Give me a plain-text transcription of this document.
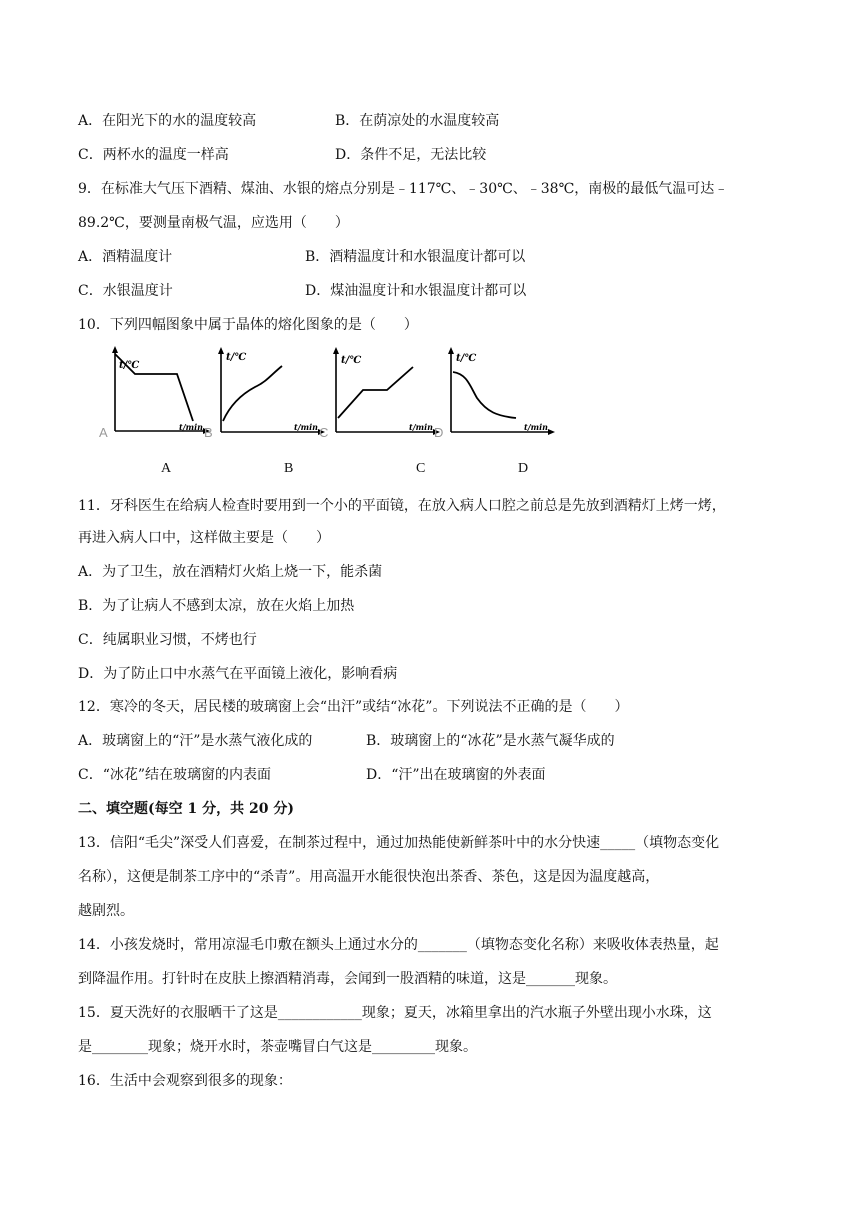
A．在阳光下的水的温度较高	B．在荫凉处的水温度较高
C．两杯水的温度一样高	D．条件不足，无法比较
9．在标准大气压下酒精、煤油、水银的熔点分别是﹣117℃、﹣30℃、﹣38℃，南极的最低气温可达﹣
89.2℃，要测量南极气温，应选用（　　）
A．酒精温度计	B．酒精温度计和水银温度计都可以
C．水银温度计	D．煤油温度计和水银温度计都可以
10．下列四幅图象中属于晶体的熔化图象的是（　　）
t/℃
t/min
A	B
t/℃
t/min C
t/℃
t/min D
t/℃
t/min
A	B	C	D
11．牙科医生在给病人检查时要用到一个小的平面镜，在放入病人口腔之前总是先放到酒精灯上烤一烤，
再进入病人口中，这样做主要是（　　）
A．为了卫生，放在酒精灯火焰上烧一下，能杀菌
B．为了让病人不感到太凉，放在火焰上加热
C．纯属职业习惯，不烤也行
D．为了防止口中水蒸气在平面镜上液化，影响看病
12．寒冷的冬天，居民楼的玻璃窗上会“出汗”或结“冰花”。下列说法不正确的是（　　）
A．玻璃窗上的“汗”是水蒸气液化成的	B．玻璃窗上的“冰花”是水蒸气凝华成的
C．“冰花”结在玻璃窗的内表面	D．“汗”出在玻璃窗的外表面
二、填空题(每空 1 分，共 20 分)
13．信阳“毛尖”深受人们喜爱，在制茶过程中，通过加热能使新鲜茶叶中的水分快速_____（填物态变化
名称），这便是制茶工序中的“杀青”。用高温开水能很快泡出茶香、茶色，这是因为温度越高，
越剧烈。
14．小孩发烧时，常用凉湿毛巾敷在额头上通过水分的_______（填物态变化名称）来吸收体表热量，起
到降温作用。打针时在皮肤上擦酒精消毒，会闻到一股酒精的味道，这是_______现象。
15．夏天洗好的衣服晒干了这是____________现象；夏天，冰箱里拿出的汽水瓶子外壁出现小水珠，这
是________现象；烧开水时，茶壶嘴冒白气这是_________现象。
16．生活中会观察到很多的现象：
